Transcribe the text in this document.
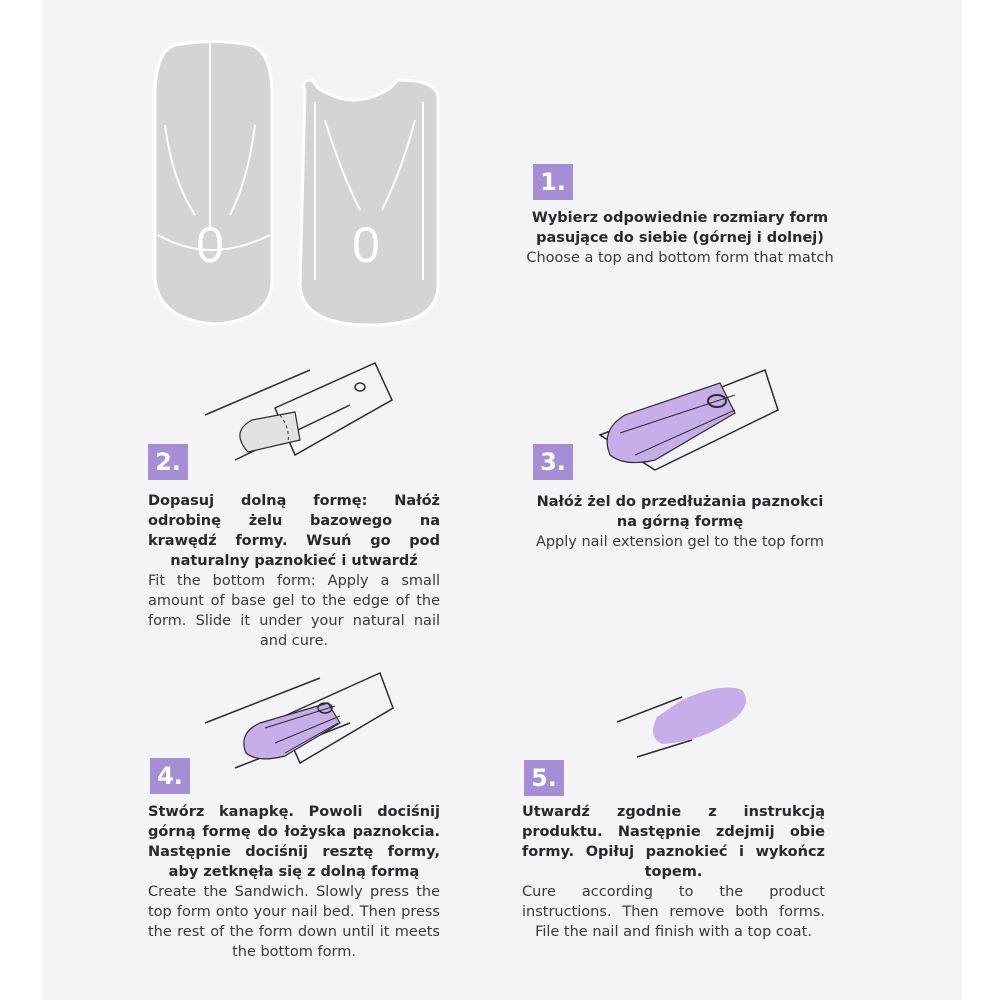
0	0
1.
Wybierz odpowiednie rozmiary form pasujące do siebie (górnej i dolnej)
Choose a top and bottom form that match
2.
Dopasuj dolną formę: Nałóż odrobinę żelu bazowego na krawędź formy. Wsuń go pod naturalny paznokieć i utwardź
Fit the bottom form: Apply a small amount of base gel to the edge of the form. Slide it under your natural nail and cure.
3.
Nałóż żel do przedłużania paznokci na górną formę
Apply nail extension gel to the top form
4.
Stwórz kanapkę. Powoli dociśnij górną formę do łożyska paznokcia. Następnie dociśnij resztę formy, aby zetknęła się z dolną formą
Create the Sandwich. Slowly press the top form onto your nail bed. Then press the rest of the form down until it meets the bottom form.
5.
Utwardź zgodnie z instrukcją produktu. Następnie zdejmij obie formy. Opiłuj paznokieć i wykończ topem.
Cure according to the product instructions. Then remove both forms. File the nail and finish with a top coat.
